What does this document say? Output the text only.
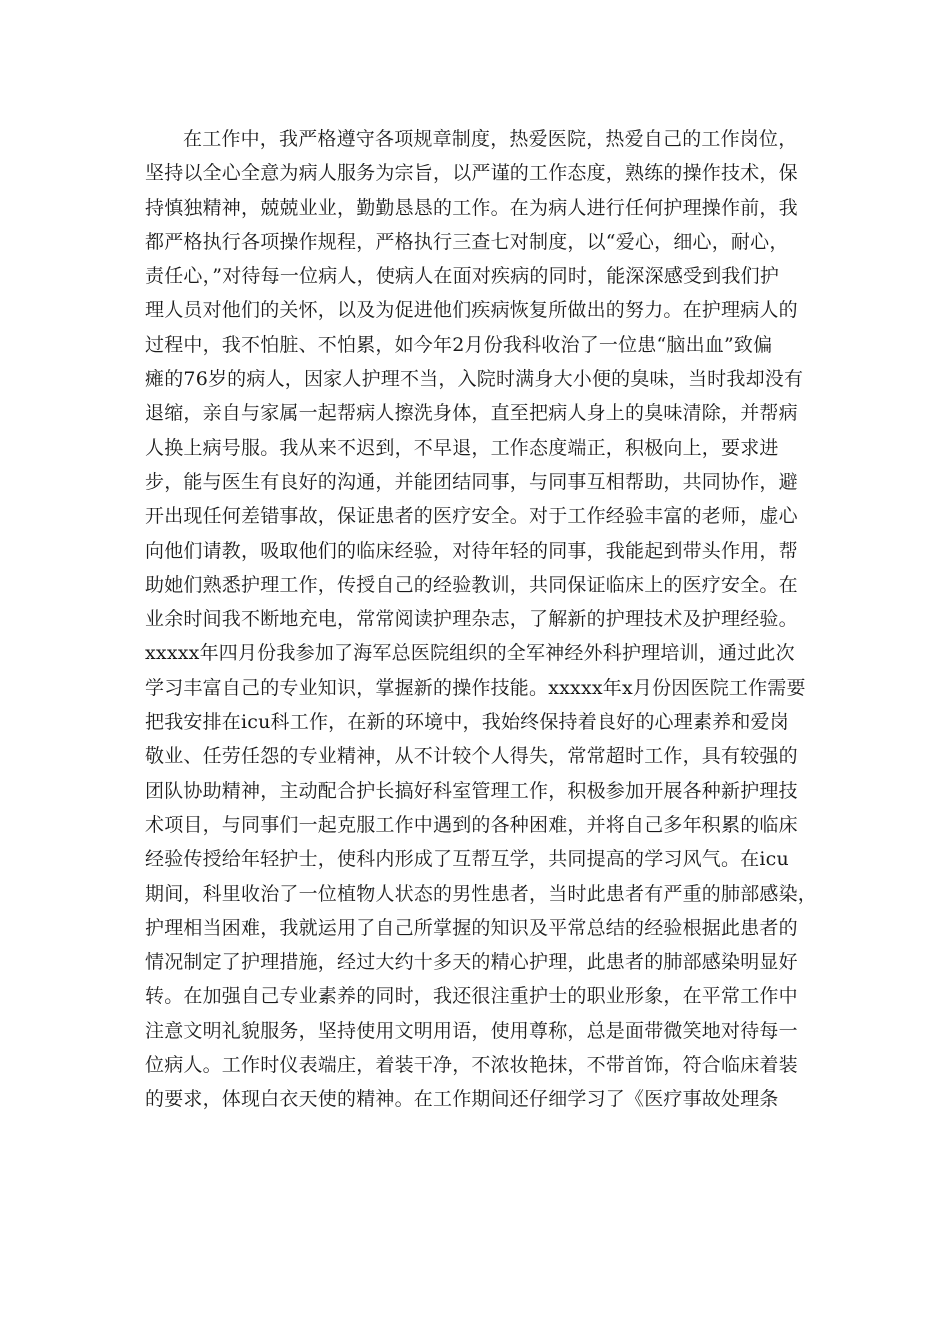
在工作中，我严格遵守各项规章制度，热爱医院，热爱自己的工作岗位，
坚持以全心全意为病人服务为宗旨，以严谨的工作态度，熟练的操作技术，保
持慎独精神，兢兢业业，勤勤恳恳的工作。在为病人进行任何护理操作前，我
都严格执行各项操作规程，严格执行三查七对制度，以“爱心，细心，耐心，
责任心，”对待每一位病人，使病人在面对疾病的同时，能深深感受到我们护
理人员对他们的关怀，以及为促进他们疾病恢复所做出的努力。在护理病人的
过程中，我不怕脏、不怕累，如今年2月份我科收治了一位患“脑出血”致偏
瘫的76岁的病人，因家人护理不当，入院时满身大小便的臭味，当时我却没有
退缩，亲自与家属一起帮病人擦洗身体，直至把病人身上的臭味清除，并帮病
人换上病号服。我从来不迟到，不早退，工作态度端正，积极向上，要求进
步，能与医生有良好的沟通，并能团结同事，与同事互相帮助，共同协作，避
开出现任何差错事故，保证患者的医疗安全。对于工作经验丰富的老师，虚心
向他们请教，吸取他们的临床经验，对待年轻的同事，我能起到带头作用，帮
助她们熟悉护理工作，传授自己的经验教训，共同保证临床上的医疗安全。在
业余时间我不断地充电，常常阅读护理杂志，了解新的护理技术及护理经验。
xxxxx年四月份我参加了海军总医院组织的全军神经外科护理培训，通过此次
学习丰富自己的专业知识，掌握新的操作技能。xxxxx年x月份因医院工作需要
把我安排在icu科工作，在新的环境中，我始终保持着良好的心理素养和爱岗
敬业、任劳任怨的专业精神，从不计较个人得失，常常超时工作，具有较强的
团队协助精神，主动配合护长搞好科室管理工作，积极参加开展各种新护理技
术项目，与同事们一起克服工作中遇到的各种困难，并将自己多年积累的临床
经验传授给年轻护士，使科内形成了互帮互学，共同提高的学习风气。在icu
期间，科里收治了一位植物人状态的男性患者，当时此患者有严重的肺部感染，
护理相当困难，我就运用了自己所掌握的知识及平常总结的经验根据此患者的
情况制定了护理措施，经过大约十多天的精心护理，此患者的肺部感染明显好
转。在加强自己专业素养的同时，我还很注重护士的职业形象，在平常工作中
注意文明礼貌服务，坚持使用文明用语，使用尊称，总是面带微笑地对待每一
位病人。工作时仪表端庄，着装干净，不浓妆艳抹，不带首饰，符合临床着装
的要求，体现白衣天使的精神。在工作期间还仔细学习了《医疗事故处理条
